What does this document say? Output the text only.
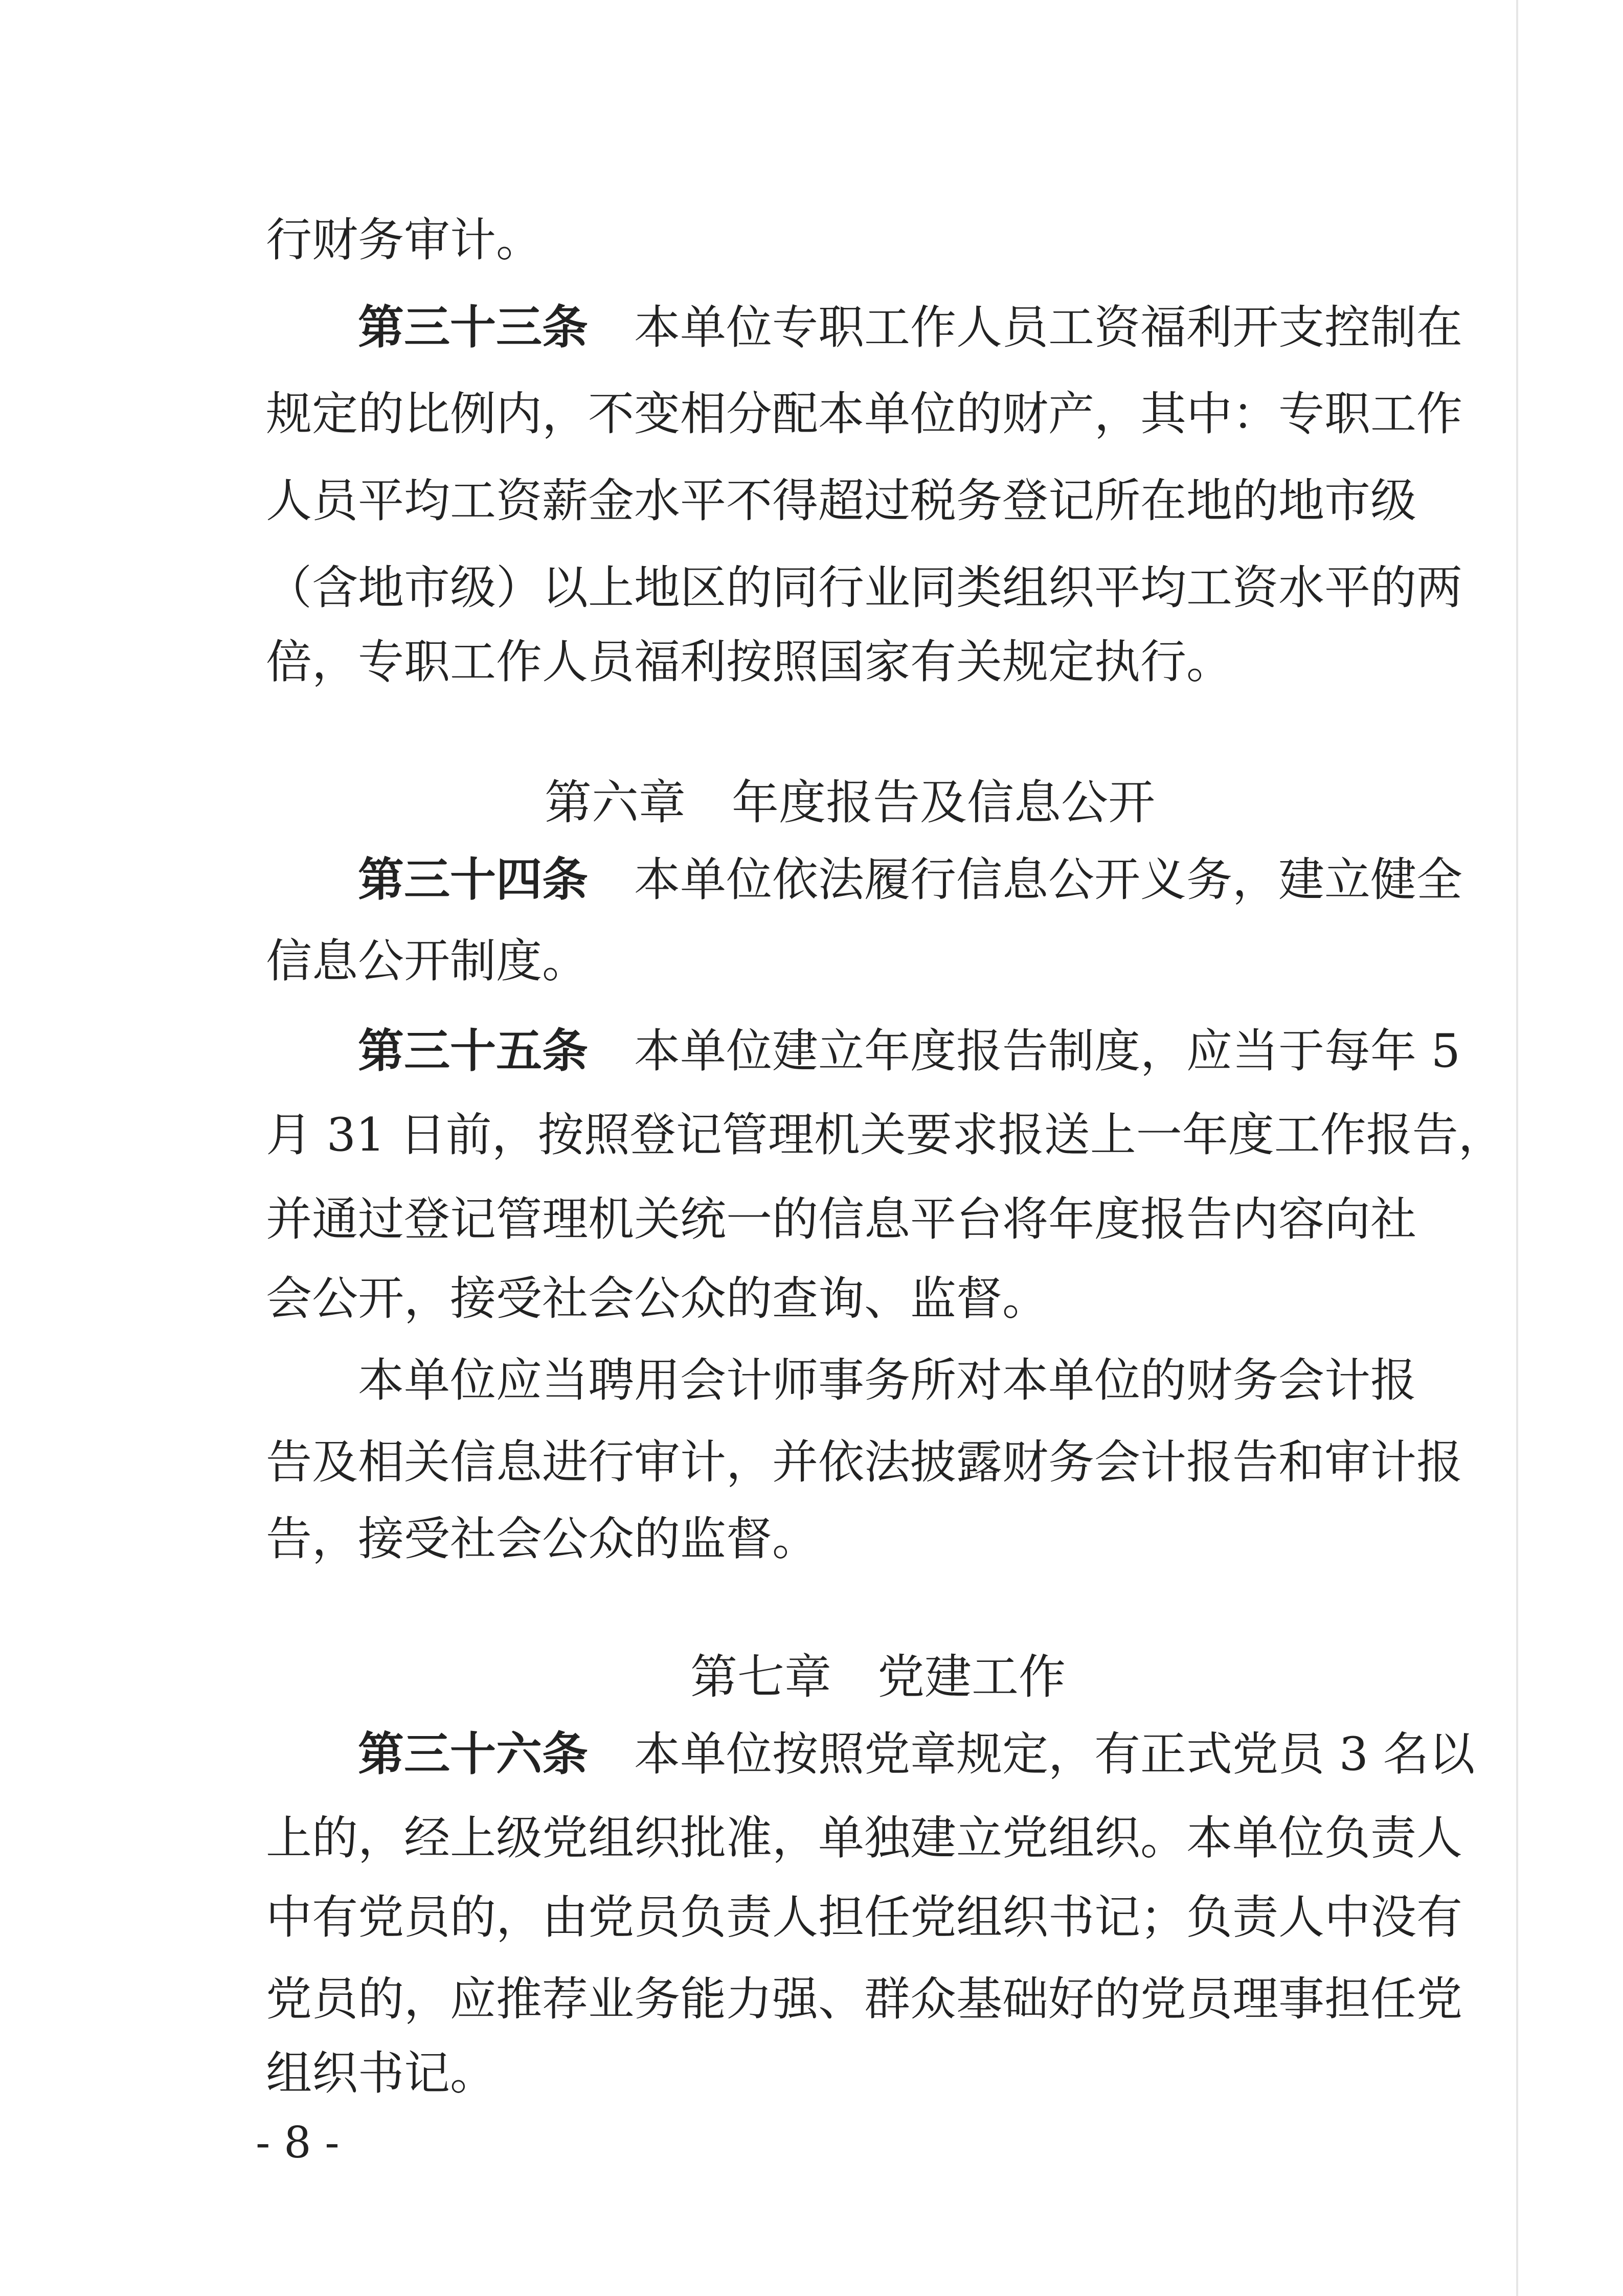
行财务审计。
第三十三条　 本单位专职工作人员工资福利开支控制在
规定的比例内，不变相分配本单位的财产，其中：专职工作
人员平均工资薪金水平不得超过税务登记所在地的地市级
（含地市级）以上地区的同行业同类组织平均工资水平的两
倍，专职工作人员福利按照国家有关规定执行。
第六章 年度报告及信息公开
第三十四条　 本单位依法履行信息公开义务，建立健全
信息公开制度。
第三十五条　 本单位建立年度报告制度，应当于每年 5
月 31 日前，按照登记管理机关要求报送上一年度工作报告，
并通过登记管理机关统一的信息平台将年度报告内容向社
会公开，接受社会公众的查询、监督。
本单位应当聘用会计师事务所对本单位的财务会计报
告及相关信息进行审计，并依法披露财务会计报告和审计报
告，接受社会公众的监督。
第七章 党建工作
第三十六条　 本单位按照党章规定，有正式党员 3 名以
上的，经上级党组织批准，单独建立党组织。本单位负责人
中有党员的，由党员负责人担任党组织书记；负责人中没有
党员的，应推荐业务能力强、群众基础好的党员理事担任党
组织书记。
- 8 -
